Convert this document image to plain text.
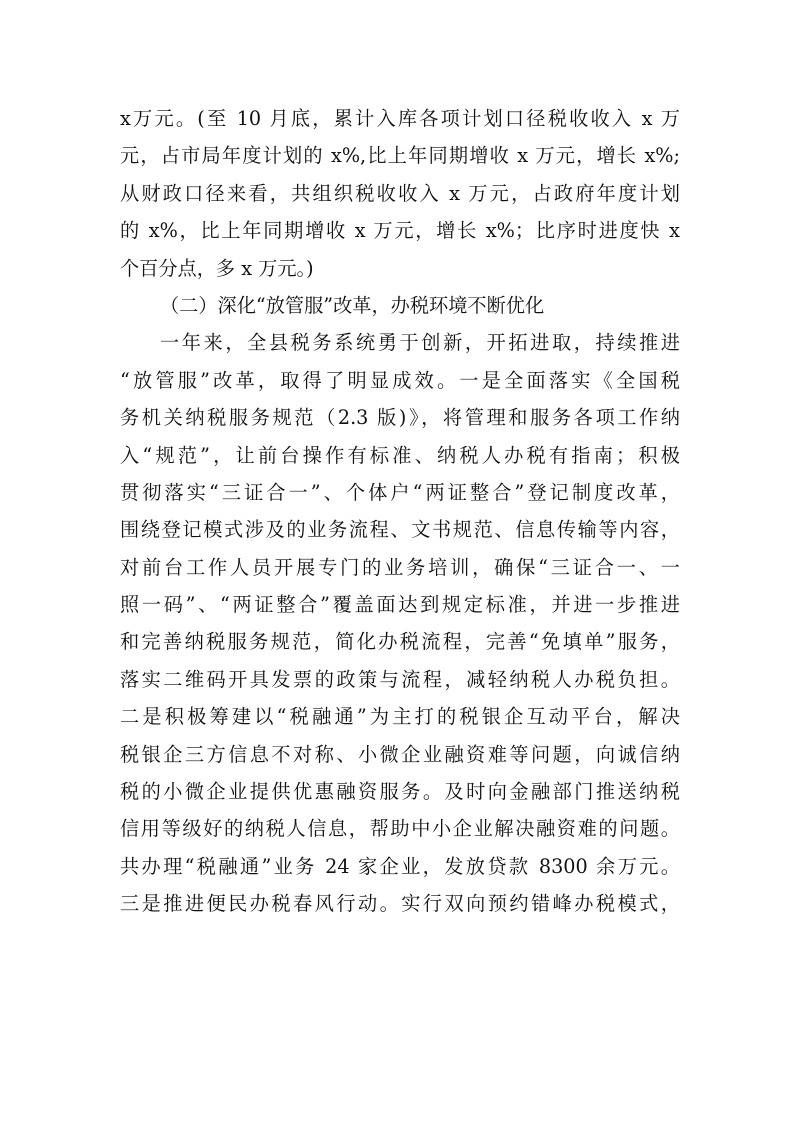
x万元。(至 10 月底，累计入库各项计划口径税收收入 x 万
元，占市局年度计划的 x%,比上年同期增收 x 万元，增长 x%;
从财政口径来看，共组织税收收入 x 万元，占政府年度计划
的 x%，比上年同期增收 x 万元，增长 x%；比序时进度快 x
个百分点，多 x 万元。)
（二）深化“放管服”改革，办税环境不断优化
一年来，全县税务系统勇于创新，开拓进取，持续推进
“放管服”改革，取得了明显成效。一是全面落实《全国税
务机关纳税服务规范（2.3 版)》，将管理和服务各项工作纳
入“规范”，让前台操作有标准、纳税人办税有指南；积极
贯彻落实“三证合一”、个体户“两证整合”登记制度改革，
围绕登记模式涉及的业务流程、文书规范、信息传输等内容，
对前台工作人员开展专门的业务培训，确保“三证合一、一
照一码”、“两证整合”覆盖面达到规定标准，并进一步推进
和完善纳税服务规范，简化办税流程，完善“免填单”服务，
落实二维码开具发票的政策与流程，减轻纳税人办税负担。
二是积极筹建以“税融通”为主打的税银企互动平台，解决
税银企三方信息不对称、小微企业融资难等问题，向诚信纳
税的小微企业提供优惠融资服务。及时向金融部门推送纳税
信用等级好的纳税人信息，帮助中小企业解决融资难的问题。
共办理“税融通”业务 24 家企业，发放贷款 8300 余万元。
三是推进便民办税春风行动。实行双向预约错峰办税模式，
